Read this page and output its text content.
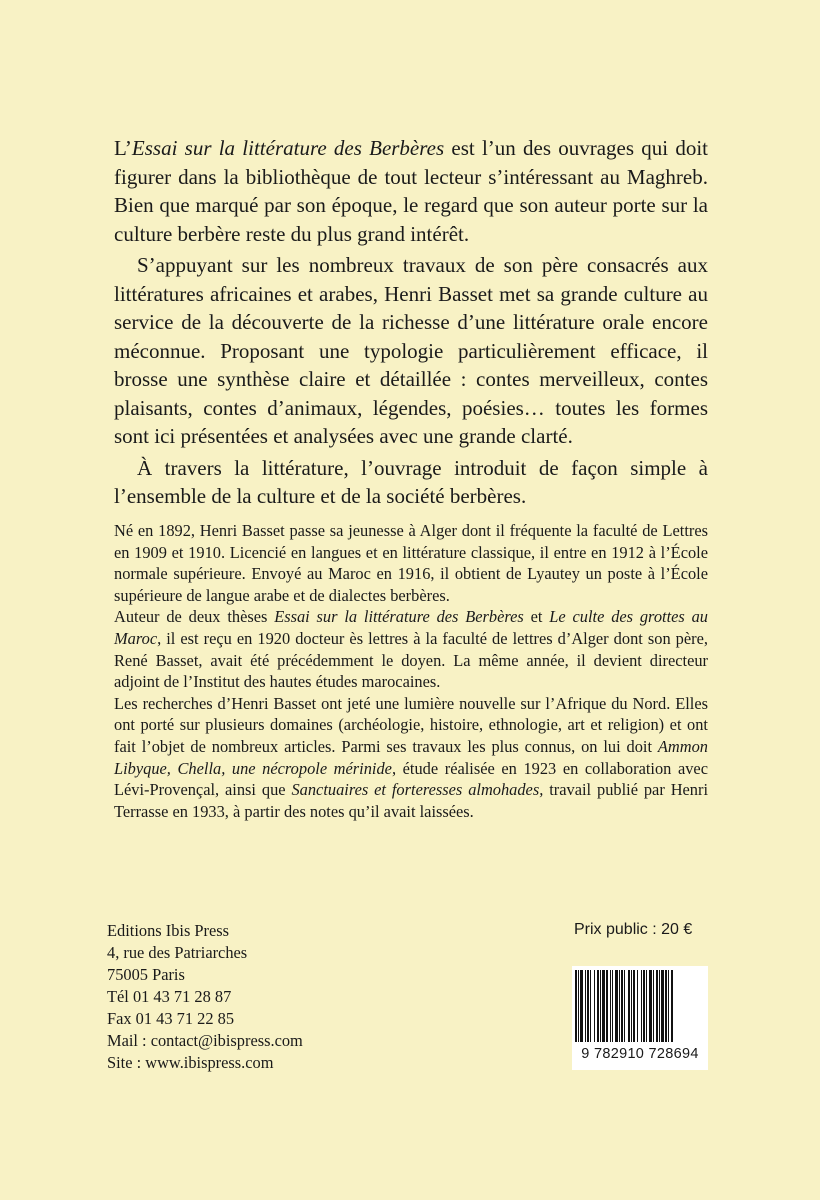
L’Essai sur la littérature des Berbères est l’un des ouvrages qui doit figurer dans la bibliothèque de tout lecteur s’intéressant au Maghreb. Bien que marqué par son époque, le regard que son auteur porte sur la culture berbère reste du plus grand intérêt.

S’appuyant sur les nombreux travaux de son père consacrés aux littératures africaines et arabes, Henri Basset met sa grande culture au service de la découverte de la richesse d’une littérature orale encore méconnue. Proposant une typologie particulièrement efficace, il brosse une synthèse claire et détaillée : contes merveilleux, contes plaisants, contes d’animaux, légendes, poésies… toutes les formes sont ici présentées et analysées avec une grande clarté.

À travers la littérature, l’ouvrage introduit de façon simple à l’ensemble de la culture et de la société berbères.

Né en 1892, Henri Basset passe sa jeunesse à Alger dont il fréquente la faculté de Lettres en 1909 et 1910. Licencié en langues et en littérature classique, il entre en 1912 à l’École normale supérieure. Envoyé au Maroc en 1916, il obtient de Lyautey un poste à l’École supérieure de langue arabe et de dialectes berbères.

Auteur de deux thèses Essai sur la littérature des Berbères et Le culte des grottes au Maroc, il est reçu en 1920 docteur ès lettres à la faculté de lettres d’Alger dont son père, René Basset, avait été précédemment le doyen. La même année, il devient directeur adjoint de l’Institut des hautes études marocaines.

Les recherches d’Henri Basset ont jeté une lumière nouvelle sur l’Afrique du Nord. Elles ont porté sur plusieurs domaines (archéologie, histoire, ethnologie, art et religion) et ont fait l’objet de nombreux articles. Parmi ses travaux les plus connus, on lui doit Ammon Libyque, Chella, une nécropole mérinide, étude réalisée en 1923 en collaboration avec Lévi-Provençal, ainsi que Sanctuaires et forteresses almohades, travail publié par Henri Terrasse en 1933, à partir des notes qu’il avait laissées.

Editions Ibis Press
4, rue des Patriarches
75005 Paris
Tél 01 43 71 28 87
Fax 01 43 71 22 85
Mail : contact@ibispress.com
Site : www.ibispress.com
Prix public : 20 €
9 782910 728694
